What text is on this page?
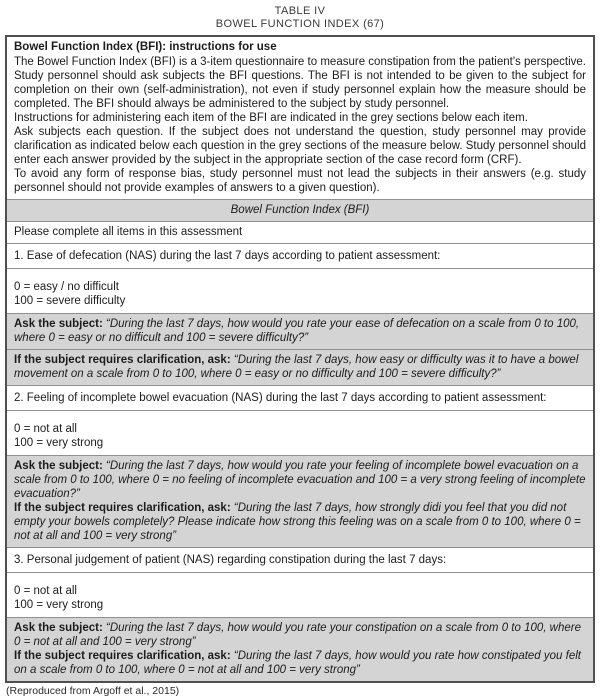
TABLE IV
BOWEL FUNCTION INDEX (67)
Bowel Function Index (BFI): instructions for use

The Bowel Function Index (BFI) is a 3-item questionnaire to measure constipation from the patient's perspective. Study personnel should ask subjects the BFI questions. The BFI is not intended to be given to the subject for completion on their own (self-administration), not even if study personnel explain how the measure should be completed. The BFI should always be administered to the subject by study personnel.

Instructions for administering each item of the BFI are indicated in the grey sections below each item.

Ask subjects each question. If the subject does not understand the question, study personnel may provide clarification as indicated below each question in the grey sections of the measure below. Study personnel should enter each answer provided by the subject in the appropriate section of the case record form (CRF).

To avoid any form of response bias, study personnel must not lead the subjects in their answers (e.g. study personnel should not provide examples of answers to a given question).

Bowel Function Index (BFI)
Please complete all items in this assessment
1. Ease of defecation (NAS) during the last 7 days according to patient assessment:
0 = easy / no difficult
100 = severe difficulty

Ask the subject: “During the last 7 days, how would you rate your ease of defecation on a scale from 0 to 100, where 0 = easy or no difficult and 100 = severe difficulty?”

If the subject requires clarification, ask: “During the last 7 days, how easy or difficulty was it to have a bowel movement on a scale from 0 to 100, where 0 = easy or no difficulty and 100 = severe difficulty?”

2. Feeling of incomplete bowel evacuation (NAS) during the last 7 days according to patient assessment:
0 = not at all
100 = very strong

Ask the subject: “During the last 7 days, how would you rate your feeling of incomplete bowel evacuation on a scale from 0 to 100, where 0 = no feeling of incomplete evacuation and 100 = a very strong feeling of incomplete evacuation?”

If the subject requires clarification, ask: “During the last 7 days, how strongly didi you feel that you did not empty your bowels completely? Please indicate how strong this feeling was on a scale from 0 to 100, where 0 = not at all and 100 = very strong”

3. Personal judgement of patient (NAS) regarding constipation during the last 7 days:
0 = not at all
100 = very strong

Ask the subject: “During the last 7 days, how would you rate your constipation on a scale from 0 to 100, where 0 = not at all and 100 = very strong”

If the subject requires clarification, ask: “During the last 7 days, how would you rate how constipated you felt on a scale from 0 to 100, where 0 = not at all and 100 = very strong”

(Reproduced from Argoff et al., 2015)
